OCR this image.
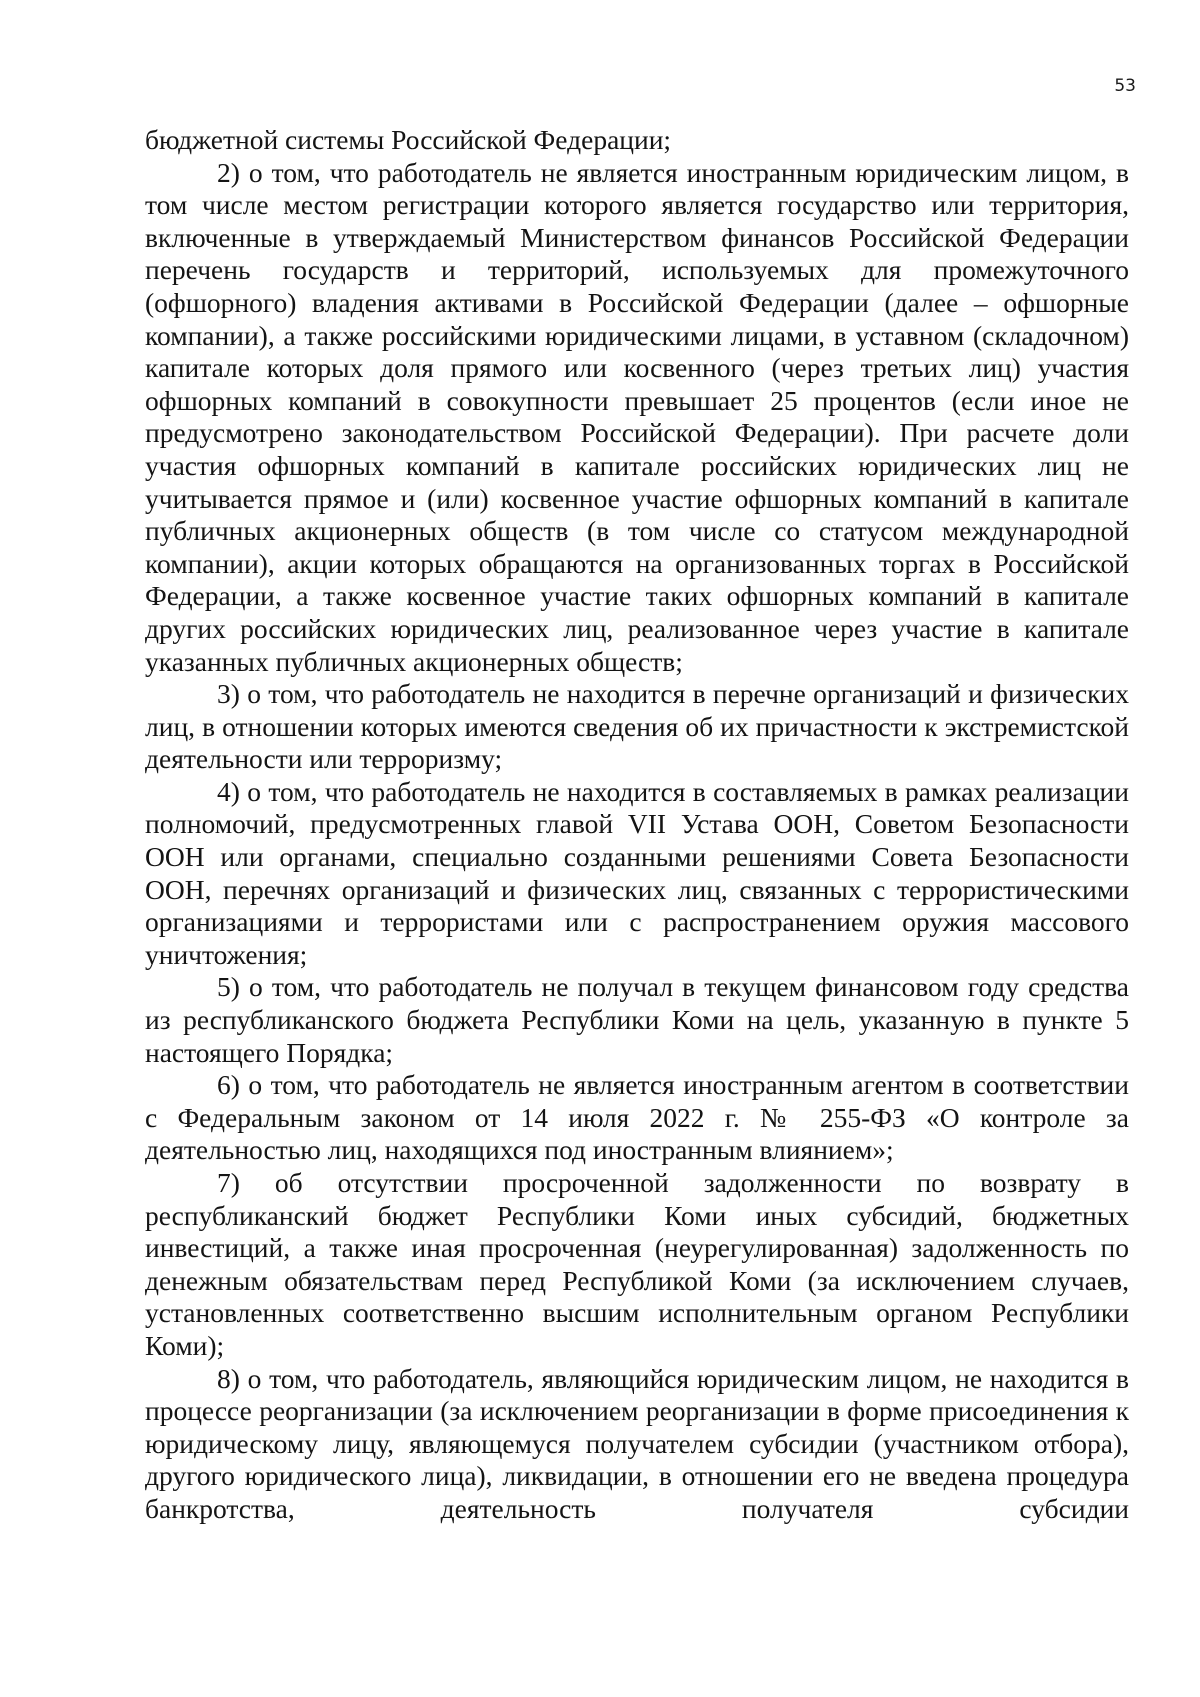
53

бюджетной системы Российской Федерации;

2) о том, что работодатель не является иностранным юридическим лицом, в том числе местом регистрации которого является государство или территория, включенные в утверждаемый Министерством финансов Российской Федерации перечень государств и территорий, используемых для промежуточного (офшорного) владения активами в Российской Федерации (далее – офшорные компании), а также российскими юридическими лицами, в уставном (складочном) капитале которых доля прямого или косвенного (через третьих лиц) участия офшорных компаний в совокупности превышает 25 процентов (если иное не предусмотрено законодательством Российской Федерации). При расчете доли участия офшорных компаний в капитале российских юридических лиц не учитывается прямое и (или) косвенное участие офшорных компаний в капитале публичных акционерных обществ (в том числе со статусом международной компании), акции которых обращаются на организованных торгах в Российской Федерации, а также косвенное участие таких офшорных компаний в капитале других российских юридических лиц, реализованное через участие в капитале указанных публичных акционерных обществ;

3) о том, что работодатель не находится в перечне организаций и физических лиц, в отношении которых имеются сведения об их причастности к экстремистской деятельности или терроризму;

4) о том, что работодатель не находится в составляемых в рамках реализации полномочий, предусмотренных главой VII Устава ООН, Советом Безопасности ООН или органами, специально созданными решениями Совета Безопасности ООН, перечнях организаций и физических лиц, связанных с террористическими организациями и террористами или с распространением оружия массового уничтожения;

5) о том, что работодатель не получал в текущем финансовом году средства из республиканского бюджета Республики Коми на цель, указанную в пункте 5 настоящего Порядка;

6) о том, что работодатель не является иностранным агентом в соответствии с Федеральным законом от 14 июля 2022 г. № 255-ФЗ «О контроле за деятельностью лиц, находящихся под иностранным влиянием»;

7) об отсутствии просроченной задолженности по возврату в республиканский бюджет Республики Коми иных субсидий, бюджетных инвестиций, а также иная просроченная (неурегулированная) задолженность по денежным обязательствам перед Республикой Коми (за исключением случаев, установленных соответственно высшим исполнительным органом Республики Коми);

8) о том, что работодатель, являющийся юридическим лицом, не находится в процессе реорганизации (за исключением реорганизации в форме присоединения к юридическому лицу, являющемуся получателем субсидии (участником отбора), другого юридического лица), ликвидации, в отношении его не введена процедура банкротства, деятельность получателя субсидии
